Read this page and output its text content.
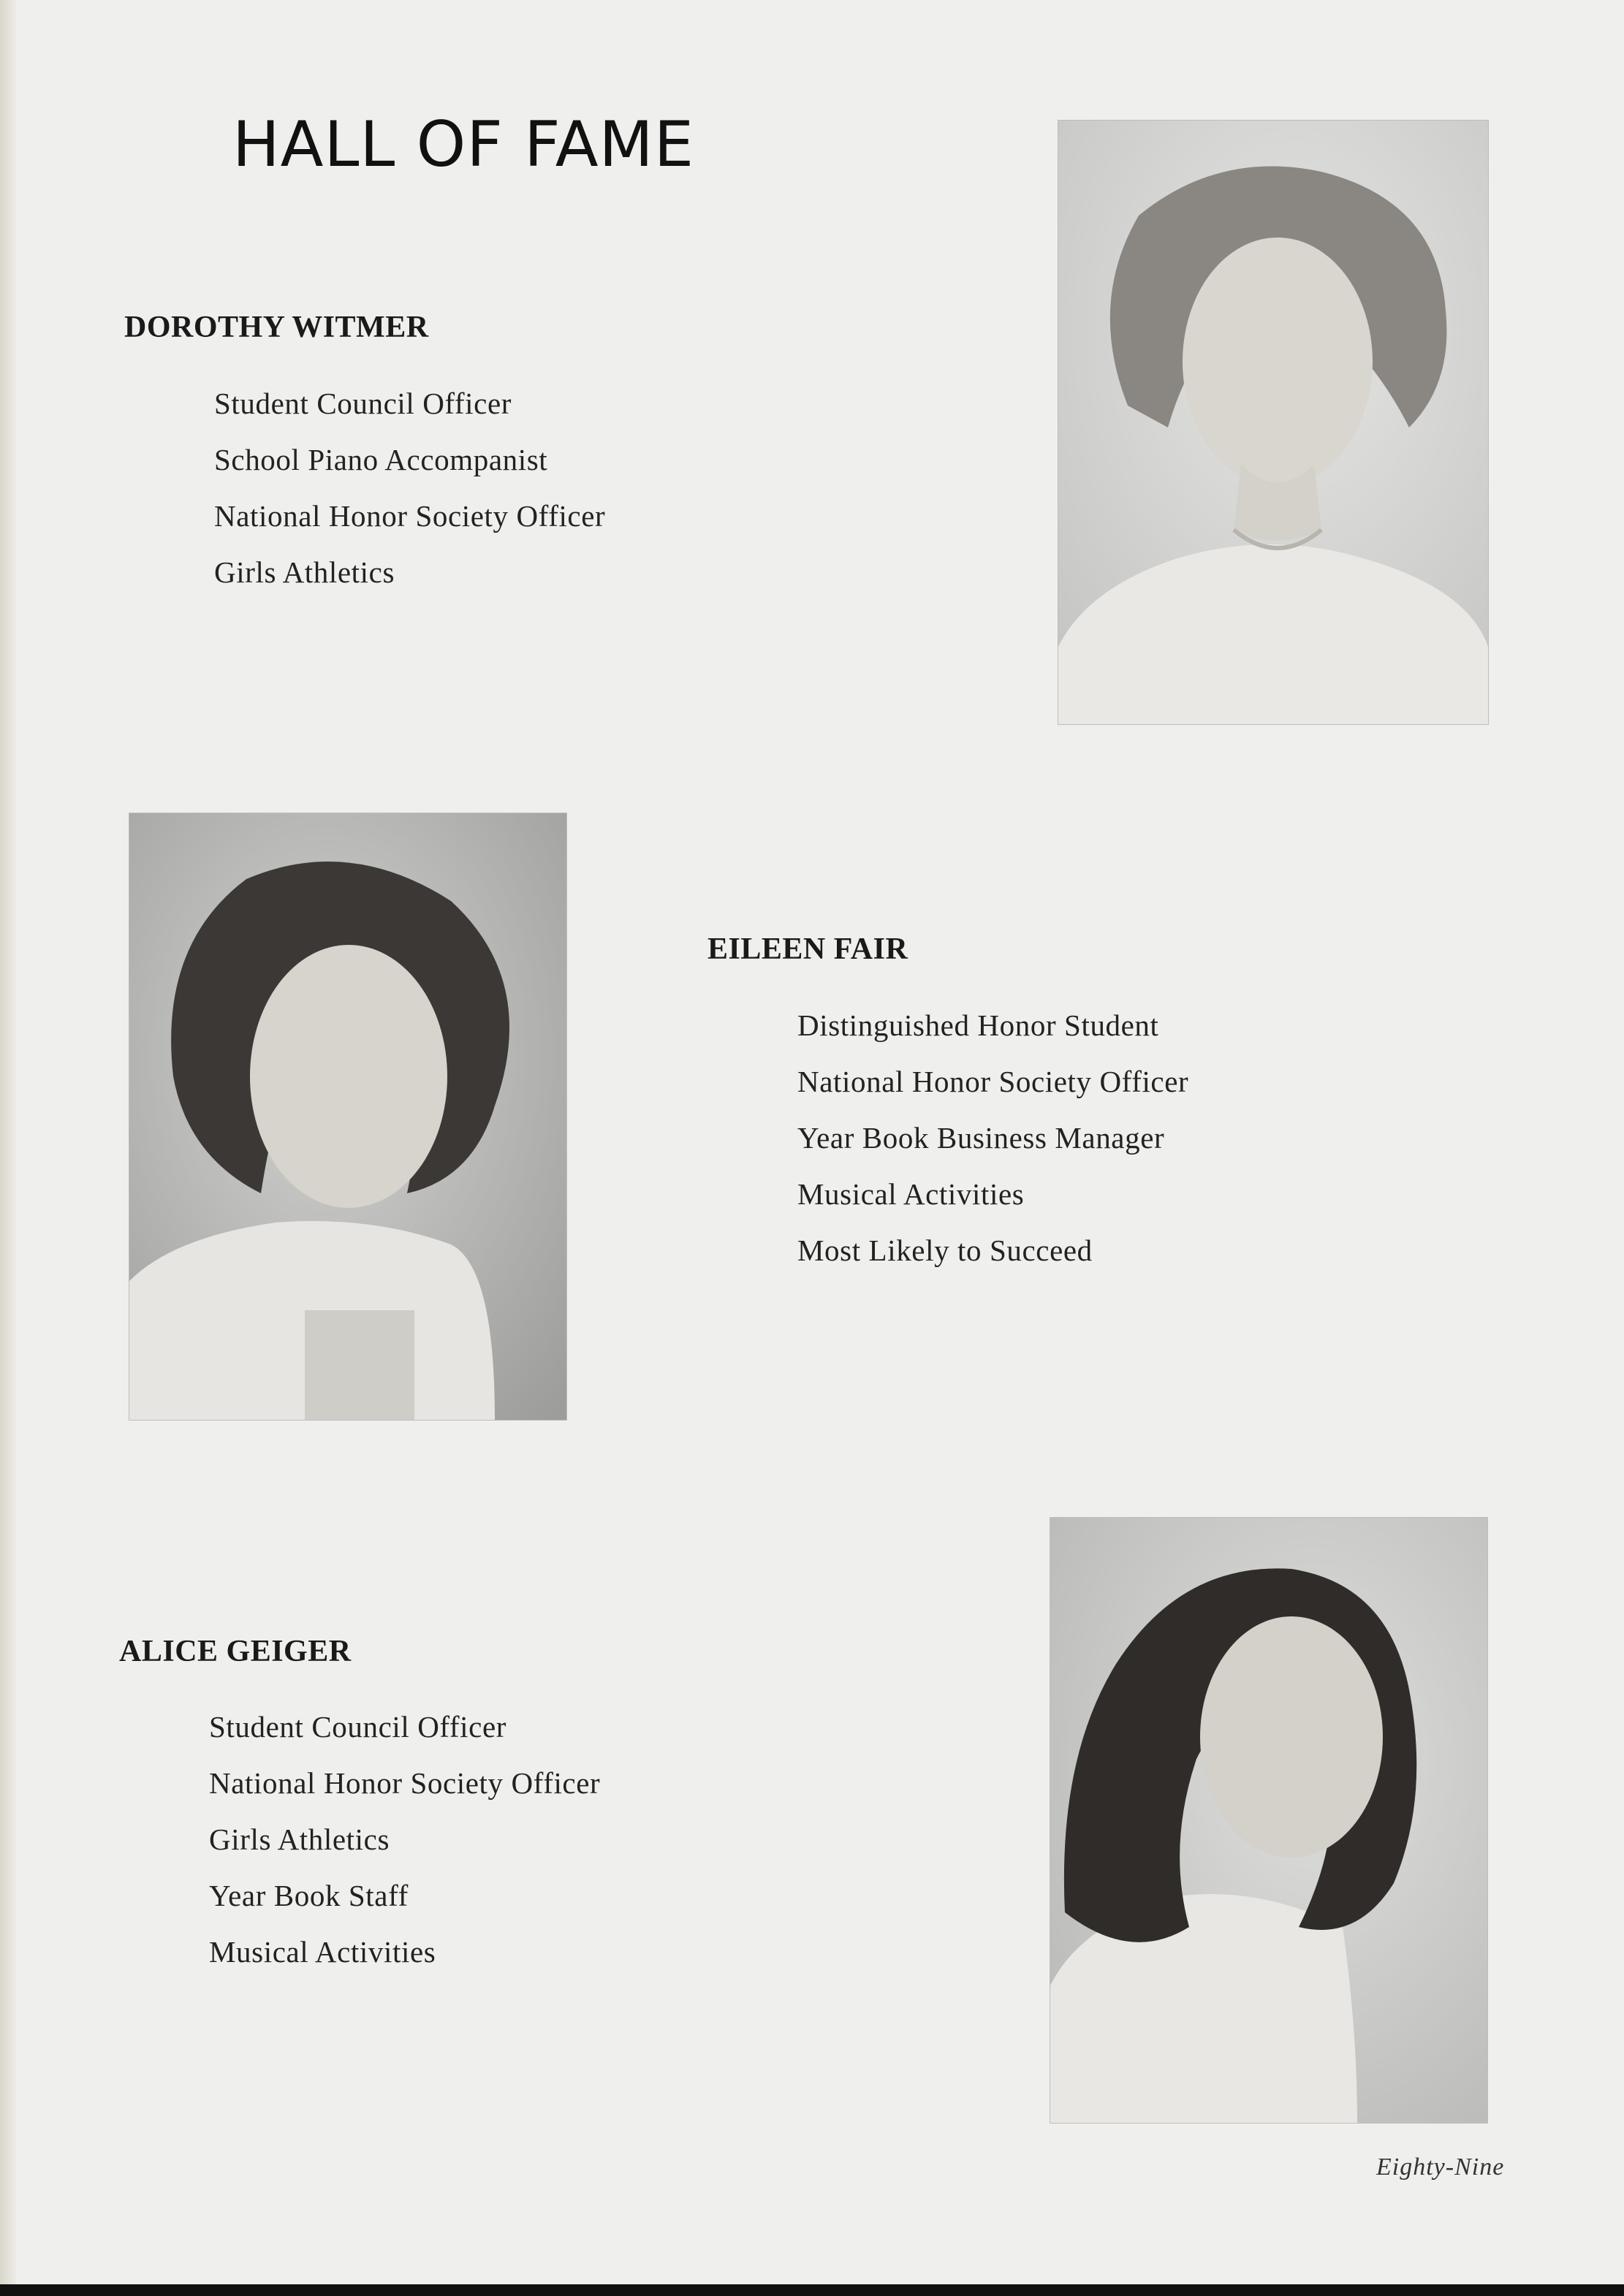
HALL OF FAME
DOROTHY WITMER
Student Council Officer
School Piano Accompanist
National Honor Society Officer
Girls Athletics
EILEEN FAIR
Distinguished Honor Student
National Honor Society Officer
Year Book Business Manager
Musical Activities
Most Likely to Succeed
ALICE GEIGER
Student Council Officer
National Honor Society Officer
Girls Athletics
Year Book Staff
Musical Activities
Eighty-Nine
